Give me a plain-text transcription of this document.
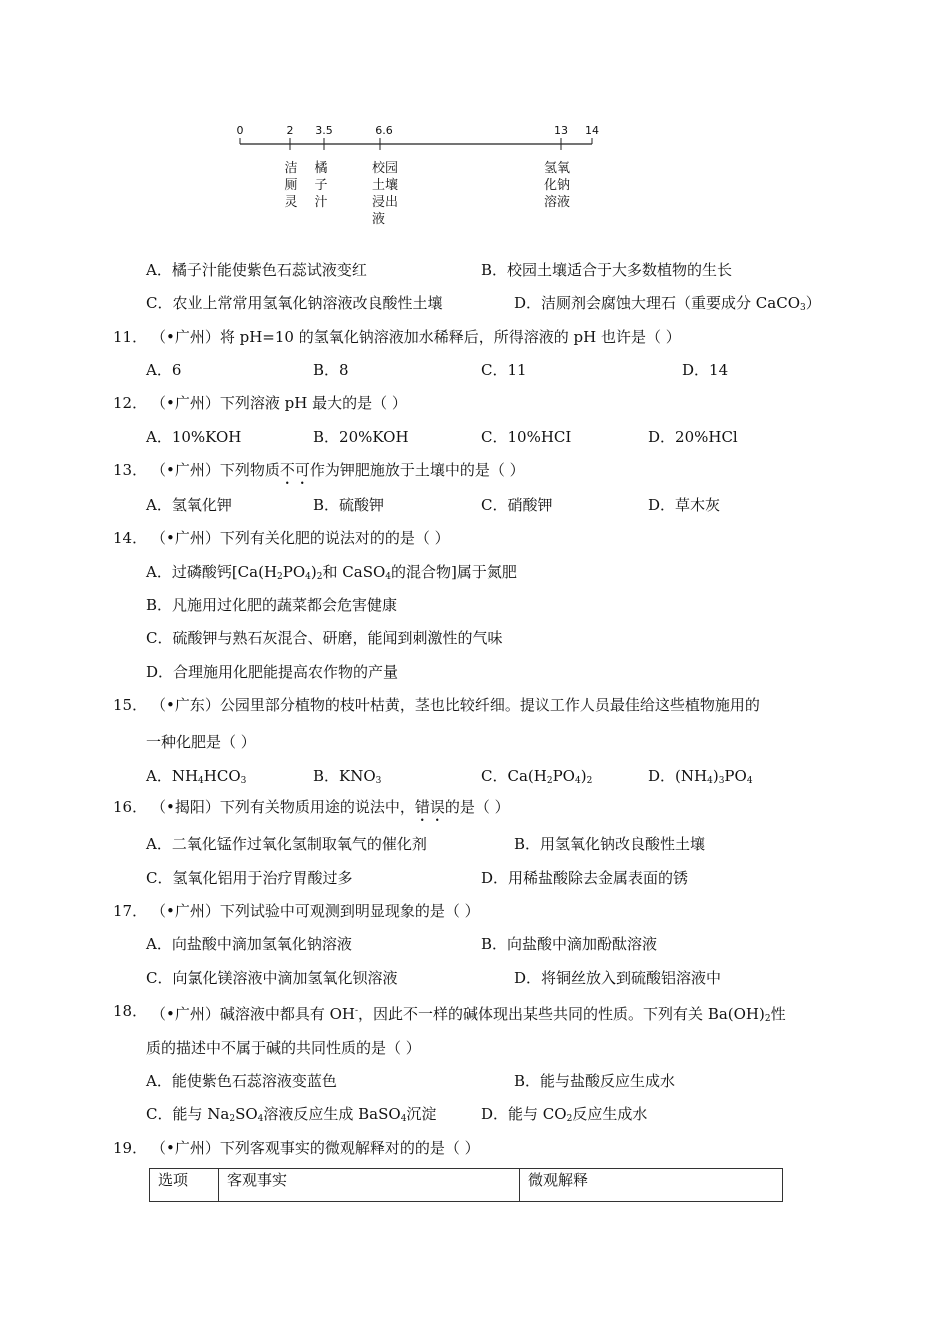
0	2 3.5	6.6	13 14
洁
厕
灵
橘
子
汁
校园
土壤
浸出
液
氢氧
化钠
溶液
A．橘子汁能使紫色石蕊试液变红	B．校园土壤适合于大多数植物的生长
C．农业上常常用氢氧化钠溶液改良酸性土壤	D．洁厕剂会腐蚀大理石（重要成分 CaCO$_3$）
11． （•广州）将 pH=10 的氢氧化钠溶液加水稀释后，所得溶液的 pH 也许是（ ）
A．6	B．8	C．11	D．14
12． （•广州）下列溶液 pH 最大的是（ ）
A．10%KOH	B．20%KOH	C．10%HCI	D．20%HCl
13． （•广州）下列物质不可作为钾肥施放于土壤中的是（ ）
A．氢氧化钾	B．硫酸钾	C．硝酸钾	D．草木灰
14． （•广州）下列有关化肥的说法对的的是（ ）
A．过磷酸钙[$Ca(H_2PO_4)_2$和 CaSO$_4$的混合物]属于氮肥
B．凡施用过化肥的蔬菜都会危害健康
C．硫酸钾与熟石灰混合、研磨，能闻到刺激性的气味
D．合理施用化肥能提高农作物的产量
15． （•广东）公园里部分植物的枝叶枯黄，茎也比较纤细。提议工作人员最佳给这些植物施用的
一种化肥是（ ）
A．$NH_4HCO_3$	B．$KNO_3$	C．$Ca(H_2PO_4)_2$	D．$(NH_4)_3PO_4$
16． （•揭阳）下列有关物质用途的说法中，错误的是（ ）
A．二氧化锰作过氧化氢制取氧气的催化剂	B．用氢氧化钠改良酸性土壤
C．氢氧化铝用于治疗胃酸过多	D．用稀盐酸除去金属表面的锈
17． （•广州）下列试验中可观测到明显现象的是（ ）
A．向盐酸中滴加氢氧化钠溶液	B．向盐酸中滴加酚酞溶液
C．向氯化镁溶液中滴加氢氧化钡溶液	D．将铜丝放入到硫酸铝溶液中
18． （•广州）碱溶液中都具有 OH-，因此不一样的碱体现出某些共同的性质。下列有关 $Ba(OH)_2$性
质的描述中不属于碱的共同性质的是（ ）
A．能使紫色石蕊溶液变蓝色	B．能与盐酸反应生成水
C．能与 $Na_2SO_4$溶液反应生成 BaSO$_4$沉淀	D．能与 $CO_2$反应生成水
19． （•广州）下列客观事实的微观解释对的的是（ ）
选项	客观事实	微观解释
